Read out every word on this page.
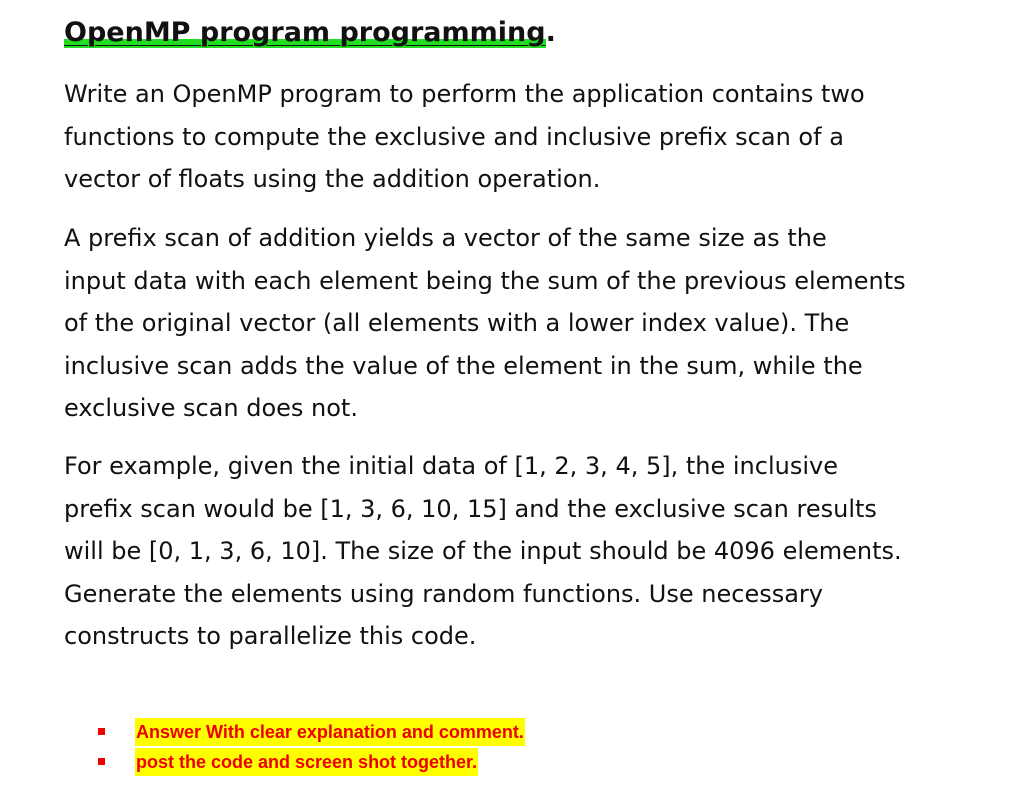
OpenMP program programming.

Write an OpenMP program to perform the application contains two
functions to compute the exclusive and inclusive prefix scan of a
vector of floats using the addition operation.

A prefix scan of addition yields a vector of the same size as the
input data with each element being the sum of the previous elements
of the original vector (all elements with a lower index value). The
inclusive scan adds the value of the element in the sum, while the
exclusive scan does not.

For example, given the initial data of [1, 2, 3, 4, 5], the inclusive
prefix scan would be [1, 3, 6, 10, 15] and the exclusive scan results
will be [0, 1, 3, 6, 10]. The size of the input should be 4096 elements.
Generate the elements using random functions. Use necessary
constructs to parallelize this code.

Answer With clear explanation and comment.
post the code and screen shot together.
